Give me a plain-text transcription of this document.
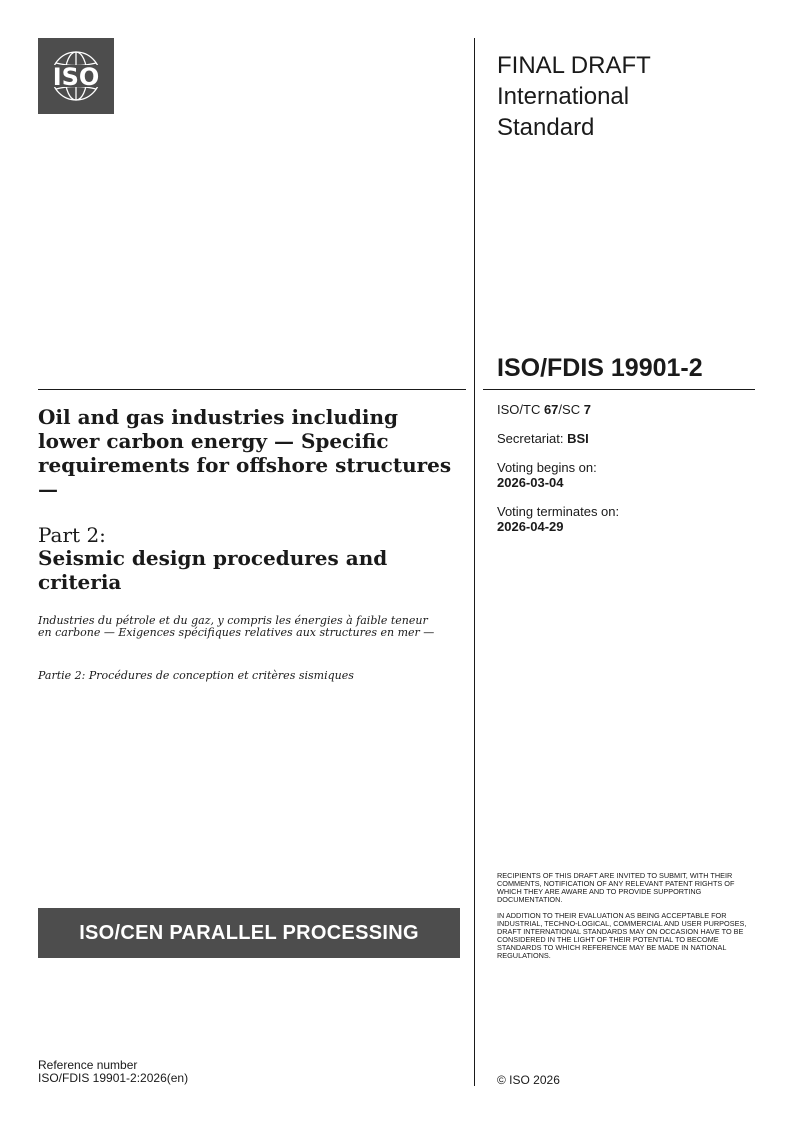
ISO	FINAL DRAFT
International
Standard
ISO/FDIS 19901-2
ISO/TC 67/SC 7
Secretariat: BSI
Voting begins on:
2026-03-04
Voting terminates on:
2026-04-29
Oil and gas industries including lower carbon energy — Specific requirements for offshore structures —
Part 2:
Seismic design procedures and criteria
Industries du pétrole et du gaz, y compris les énergies à faible teneur en carbone — Exigences spécifiques relatives aux structures en mer —
Partie 2: Procédures de conception et critères sismiques
ISO/CEN PARALLEL PROCESSING
RECIPIENTS OF THIS DRAFT ARE INVITED TO SUBMIT, WITH THEIR COMMENTS, NOTIFICATION OF ANY RELEVANT PATENT RIGHTS OF WHICH THEY ARE AWARE AND TO PROVIDE SUPPORTING DOCUMENTATION.
IN ADDITION TO THEIR EVALUATION AS BEING ACCEPTABLE FOR INDUSTRIAL, TECHNO-LOGICAL, COMMERCIAL AND USER PURPOSES, DRAFT INTERNATIONAL STANDARDS MAY ON OCCASION HAVE TO BE CONSIDERED IN THE LIGHT OF THEIR POTENTIAL TO BECOME STANDARDS TO WHICH REFERENCE MAY BE MADE IN NATIONAL REGULATIONS.
Reference number
ISO/FDIS 19901-2:2026(en)	© ISO 2026
